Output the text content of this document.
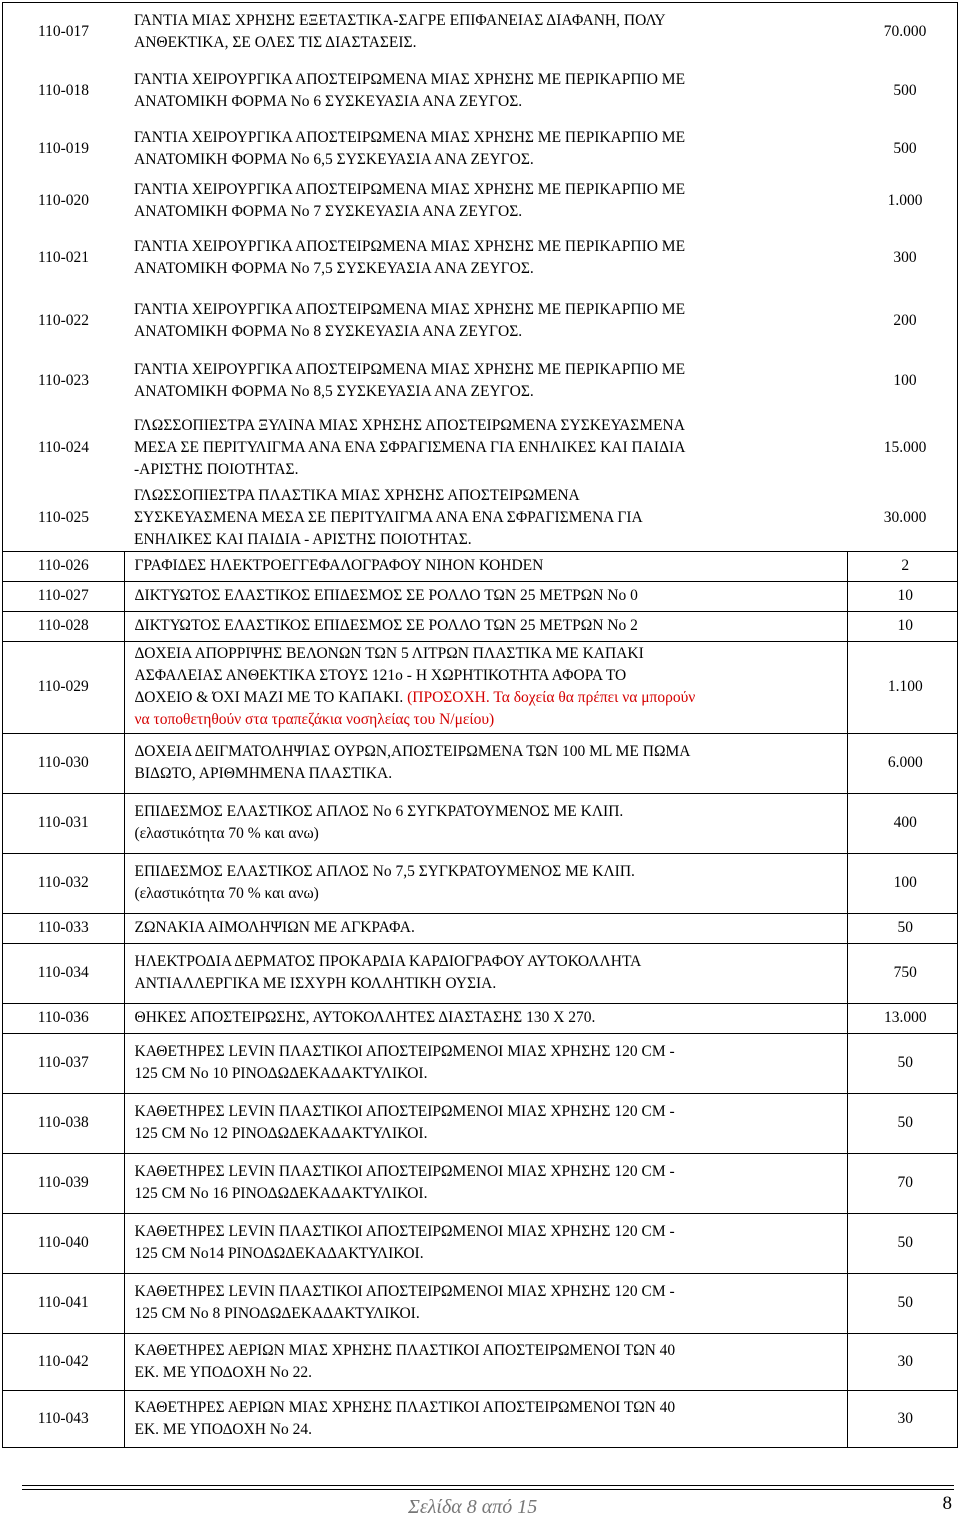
110-017	ΓΑΝΤΙΑ ΜΙΑΣ ΧΡΗΣΗΣ ΕΞΕΤΑΣΤΙΚΑ-ΣΑΓΡΕ ΕΠΙΦΑΝΕΙΑΣ ΔΙΑΦΑΝΗ, ΠΟΛΥ

ΑΝΘΕΚΤΙΚΑ, ΣΕ ΟΛΕΣ ΤΙΣ ΔΙΑΣΤΑΣΕΙΣ.	70.000
110-018	ΓΑΝΤΙΑ ΧΕΙΡΟΥΡΓΙΚΑ ΑΠΟΣΤΕΙΡΩΜΕΝΑ ΜΙΑΣ ΧΡΗΣΗΣ ΜΕ ΠΕΡΙΚΑΡΠΙΟ ΜΕ

ΑΝΑΤΟΜΙΚΗ ΦΟΡΜΑ Νο 6 ΣΥΣΚΕΥΑΣΙΑ ΑΝΑ ΖΕΥΓΟΣ.	500
110-019	ΓΑΝΤΙΑ ΧΕΙΡΟΥΡΓΙΚΑ ΑΠΟΣΤΕΙΡΩΜΕΝΑ ΜΙΑΣ ΧΡΗΣΗΣ ΜΕ ΠΕΡΙΚΑΡΠΙΟ ΜΕ

ΑΝΑΤΟΜΙΚΗ ΦΟΡΜΑ Νο 6,5 ΣΥΣΚΕΥΑΣΙΑ ΑΝΑ ΖΕΥΓΟΣ.	500
110-020	ΓΑΝΤΙΑ ΧΕΙΡΟΥΡΓΙΚΑ ΑΠΟΣΤΕΙΡΩΜΕΝΑ ΜΙΑΣ ΧΡΗΣΗΣ ΜΕ ΠΕΡΙΚΑΡΠΙΟ ΜΕ

ΑΝΑΤΟΜΙΚΗ ΦΟΡΜΑ Νο 7 ΣΥΣΚΕΥΑΣΙΑ ΑΝΑ ΖΕΥΓΟΣ.	1.000
110-021	ΓΑΝΤΙΑ ΧΕΙΡΟΥΡΓΙΚΑ ΑΠΟΣΤΕΙΡΩΜΕΝΑ ΜΙΑΣ ΧΡΗΣΗΣ ΜΕ ΠΕΡΙΚΑΡΠΙΟ ΜΕ

ΑΝΑΤΟΜΙΚΗ ΦΟΡΜΑ Νο 7,5 ΣΥΣΚΕΥΑΣΙΑ ΑΝΑ ΖΕΥΓΟΣ.	300
110-022	ΓΑΝΤΙΑ ΧΕΙΡΟΥΡΓΙΚΑ ΑΠΟΣΤΕΙΡΩΜΕΝΑ ΜΙΑΣ ΧΡΗΣΗΣ ΜΕ ΠΕΡΙΚΑΡΠΙΟ ΜΕ

ΑΝΑΤΟΜΙΚΗ ΦΟΡΜΑ Νο 8 ΣΥΣΚΕΥΑΣΙΑ ΑΝΑ ΖΕΥΓΟΣ.	200
110-023	ΓΑΝΤΙΑ ΧΕΙΡΟΥΡΓΙΚΑ ΑΠΟΣΤΕΙΡΩΜΕΝΑ ΜΙΑΣ ΧΡΗΣΗΣ ΜΕ ΠΕΡΙΚΑΡΠΙΟ ΜΕ

ΑΝΑΤΟΜΙΚΗ ΦΟΡΜΑ Νο 8,5 ΣΥΣΚΕΥΑΣΙΑ ΑΝΑ ΖΕΥΓΟΣ.	100
110-024	ΓΛΩΣΣΟΠΙΕΣΤΡΑ ΞΥΛΙΝΑ ΜΙΑΣ ΧΡΗΣΗΣ ΑΠΟΣΤΕΙΡΩΜΕΝΑ ΣΥΣΚΕΥΑΣΜΕΝΑ

ΜΕΣΑ ΣΕ ΠΕΡΙΤΥΛΙΓΜΑ ΑΝΑ ΕΝΑ ΣΦΡΑΓΙΣΜΕΝΑ ΓΙΑ ΕΝΗΛΙΚΕΣ ΚΑΙ ΠΑΙΔΙΑ

-ΑΡΙΣΤΗΣ ΠΟΙΟΤΗΤΑΣ.	15.000
110-025	ΓΛΩΣΣΟΠΙΕΣΤΡΑ ΠΛΑΣΤΙΚΑ ΜΙΑΣ ΧΡΗΣΗΣ ΑΠΟΣΤΕΙΡΩΜΕΝΑ

ΣΥΣΚΕΥΑΣΜΕΝΑ ΜΕΣΑ ΣΕ ΠΕΡΙΤΥΛΙΓΜΑ ΑΝΑ ΕΝΑ ΣΦΡΑΓΙΣΜΕΝΑ ΓΙΑ

ΕΝΗΛΙΚΕΣ ΚΑΙ ΠΑΙΔΙΑ - ΑΡΙΣΤΗΣ ΠΟΙΟΤΗΤΑΣ.	30.000
110-026	ΓΡΑΦΙΔΕΣ ΗΛΕΚΤΡΟΕΓΓΕΦΑΛΟΓΡΑΦΟΥ ΝΙΗΟΝ ΚΟΗDEN	2
110-027	ΔΙΚΤΥΩΤΟΣ ΕΛΑΣΤΙΚΟΣ ΕΠΙΔΕΣΜΟΣ ΣΕ ΡΟΛΛΟ ΤΩΝ 25 ΜΕΤΡΩΝ Νο 0	10
110-028	ΔΙΚΤΥΩΤΟΣ ΕΛΑΣΤΙΚΟΣ ΕΠΙΔΕΣΜΟΣ ΣΕ ΡΟΛΛΟ ΤΩΝ 25 ΜΕΤΡΩΝ Νο 2	10
110-029	ΔΟΧΕΙΑ ΑΠΟΡΡΙΨΗΣ ΒΕΛΟΝΩΝ ΤΩΝ 5 ΛΙΤΡΩΝ ΠΛΑΣΤΙΚΑ ΜΕ ΚΑΠΑΚΙ

ΑΣΦΑΛΕΙΑΣ ΑΝΘΕΚΤΙΚΑ ΣΤΟΥΣ 121ο - Η ΧΩΡΗΤΙΚΟΤΗΤΑ ΑΦΟΡΑ ΤΟ

ΔΟΧΕΙΟ & ΌΧΙ ΜΑΖΙ ΜΕ ΤΟ ΚΑΠΑΚΙ. (ΠΡΟΣΟΧΗ. Τα δοχεία θα πρέπει να μπορούν

να τοποθετηθούν στα τραπεζάκια νοσηλείας του Ν/μείου)	1.100
110-030	ΔΟΧΕΙΑ ΔΕΙΓΜΑΤΟΛΗΨΙΑΣ ΟΥΡΩΝ,ΑΠΟΣΤΕΙΡΩΜΕΝΑ ΤΩΝ 100 ML ΜΕ ΠΩΜΑ

ΒΙΔΩΤΟ, ΑΡΙΘΜΗΜΕΝΑ ΠΛΑΣΤΙΚΑ.	6.000
110-031	ΕΠΙΔΕΣΜΟΣ ΕΛΑΣΤΙΚΟΣ ΑΠΛΟΣ Νο 6 ΣΥΓΚΡΑΤΟΥΜΕΝΟΣ ΜΕ ΚΛΙΠ.

(ελαστικότητα 70 % και ανω)	400
110-032	ΕΠΙΔΕΣΜΟΣ ΕΛΑΣΤΙΚΟΣ ΑΠΛΟΣ Νο 7,5 ΣΥΓΚΡΑΤΟΥΜΕΝΟΣ ΜΕ ΚΛΙΠ.

(ελαστικότητα 70 % και ανω)	100
110-033	ΖΩΝΑΚΙΑ ΑΙΜΟΛΗΨΙΩΝ ΜΕ ΑΓΚΡΑΦΑ.	50
110-034	ΗΛΕΚΤΡΟΔΙΑ ΔΕΡΜΑΤΟΣ ΠΡΟΚΑΡΔΙΑ ΚΑΡΔΙΟΓΡΑΦΟΥ ΑΥΤΟΚΟΛΛΗΤΑ

ΑΝΤΙΑΛΛΕΡΓΙΚΑ ΜΕ ΙΣΧΥΡΗ ΚΟΛΛΗΤΙΚΗ ΟΥΣΙΑ.	750
110-036	ΘΗΚΕΣ ΑΠΟΣΤΕΙΡΩΣΗΣ, ΑΥΤΟΚΟΛΛΗΤΕΣ ΔΙΑΣΤΑΣΗΣ 130 Χ 270.	13.000
110-037	ΚΑΘΕΤΗΡΕΣ LEVIN ΠΛΑΣΤΙΚΟΙ ΑΠΟΣΤΕΙΡΩΜΕΝΟΙ ΜΙΑΣ ΧΡΗΣΗΣ 120 CM -

125 CM No 10 ΡΙΝΟΔΩΔΕΚΑΔΑΚΤΥΛΙΚΟΙ.	50
110-038	ΚΑΘΕΤΗΡΕΣ LEVIN ΠΛΑΣΤΙΚΟΙ ΑΠΟΣΤΕΙΡΩΜΕΝΟΙ ΜΙΑΣ ΧΡΗΣΗΣ 120 CM -

125 CM No 12 ΡΙΝΟΔΩΔΕΚΑΔΑΚΤΥΛΙΚΟΙ.	50
110-039	ΚΑΘΕΤΗΡΕΣ LEVIN ΠΛΑΣΤΙΚΟΙ ΑΠΟΣΤΕΙΡΩΜΕΝΟΙ ΜΙΑΣ ΧΡΗΣΗΣ 120 CM -

125 CM No 16 ΡΙΝΟΔΩΔΕΚΑΔΑΚΤΥΛΙΚΟΙ.	70
110-040	ΚΑΘΕΤΗΡΕΣ LEVIN ΠΛΑΣΤΙΚΟΙ ΑΠΟΣΤΕΙΡΩΜΕΝΟΙ ΜΙΑΣ ΧΡΗΣΗΣ 120 CM -

125 CM No14 ΡΙΝΟΔΩΔΕΚΑΔΑΚΤΥΛΙΚΟΙ.	50
110-041	ΚΑΘΕΤΗΡΕΣ LEVIN ΠΛΑΣΤΙΚΟΙ ΑΠΟΣΤΕΙΡΩΜΕΝΟΙ ΜΙΑΣ ΧΡΗΣΗΣ 120 CM -

125 CM No 8 ΡΙΝΟΔΩΔΕΚΑΔΑΚΤΥΛΙΚΟΙ.	50
110-042	ΚΑΘΕΤΗΡΕΣ ΑΕΡΙΩΝ ΜΙΑΣ ΧΡΗΣΗΣ ΠΛΑΣΤΙΚΟΙ ΑΠΟΣΤΕΙΡΩΜΕΝΟΙ ΤΩΝ 40

ΕΚ. ΜΕ ΥΠΟΔΟΧΗ Νο 22.	30
110-043	ΚΑΘΕΤΗΡΕΣ ΑΕΡΙΩΝ ΜΙΑΣ ΧΡΗΣΗΣ ΠΛΑΣΤΙΚΟΙ ΑΠΟΣΤΕΙΡΩΜΕΝΟΙ ΤΩΝ 40

ΕΚ. ΜΕ ΥΠΟΔΟΧΗ Νο 24.	30
Σελίδα 8 από 15	8
